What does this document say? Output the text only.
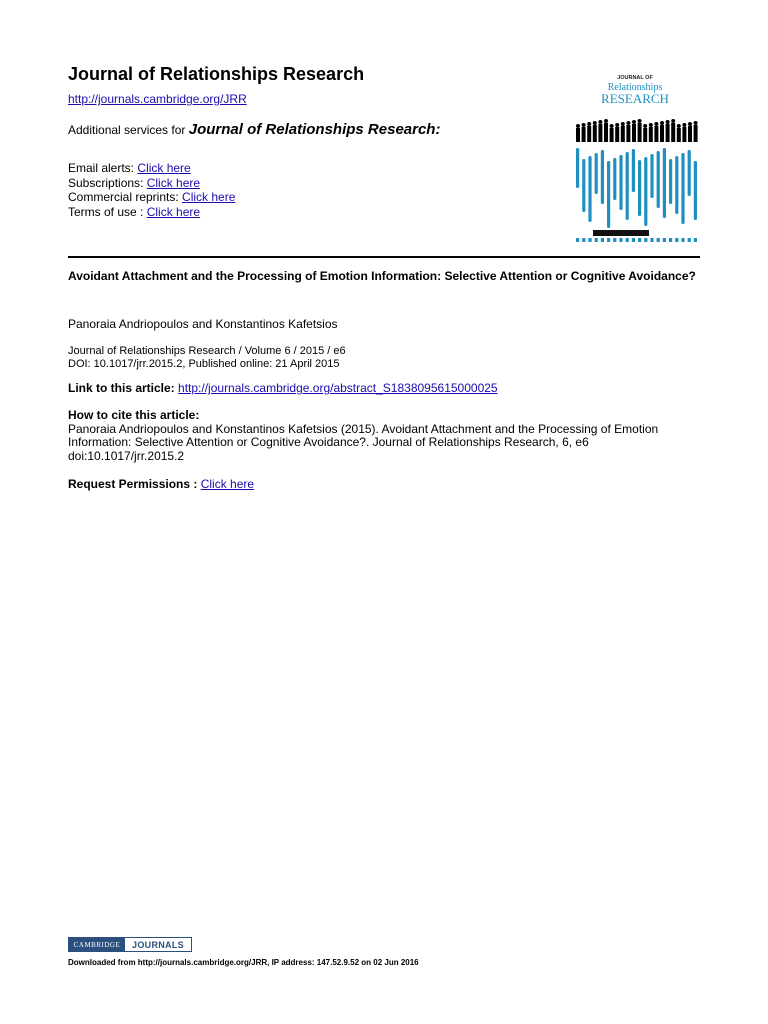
Journal of Relationships Research
http://journals.cambridge.org/JRR
Additional services for Journal of Relationships Research:
Email alerts: Click here
Subscriptions: Click here
Commercial reprints: Click here
Terms of use : Click here
JOURNAL OF
Relationships
RESEARCH
Avoidant Attachment and the Processing of Emotion Information: Selective Attention or Cognitive Avoidance?
Panoraia Andriopoulos and Konstantinos Kafetsios
Journal of Relationships Research / Volume 6 / 2015 / e6
DOI: 10.1017/jrr.2015.2, Published online: 21 April 2015
Link to this article: http://journals.cambridge.org/abstract_S1838095615000025
How to cite this article:
Panoraia Andriopoulos and Konstantinos Kafetsios (2015). Avoidant Attachment and the Processing of Emotion Information: Selective Attention or Cognitive Avoidance?. Journal of Relationships Research, 6, e6 doi:10.1017/jrr.2015.2
Request Permissions : Click here
CAMBRIDGE	JOURNALS
Downloaded from http://journals.cambridge.org/JRR, IP address: 147.52.9.52 on 02 Jun 2016
